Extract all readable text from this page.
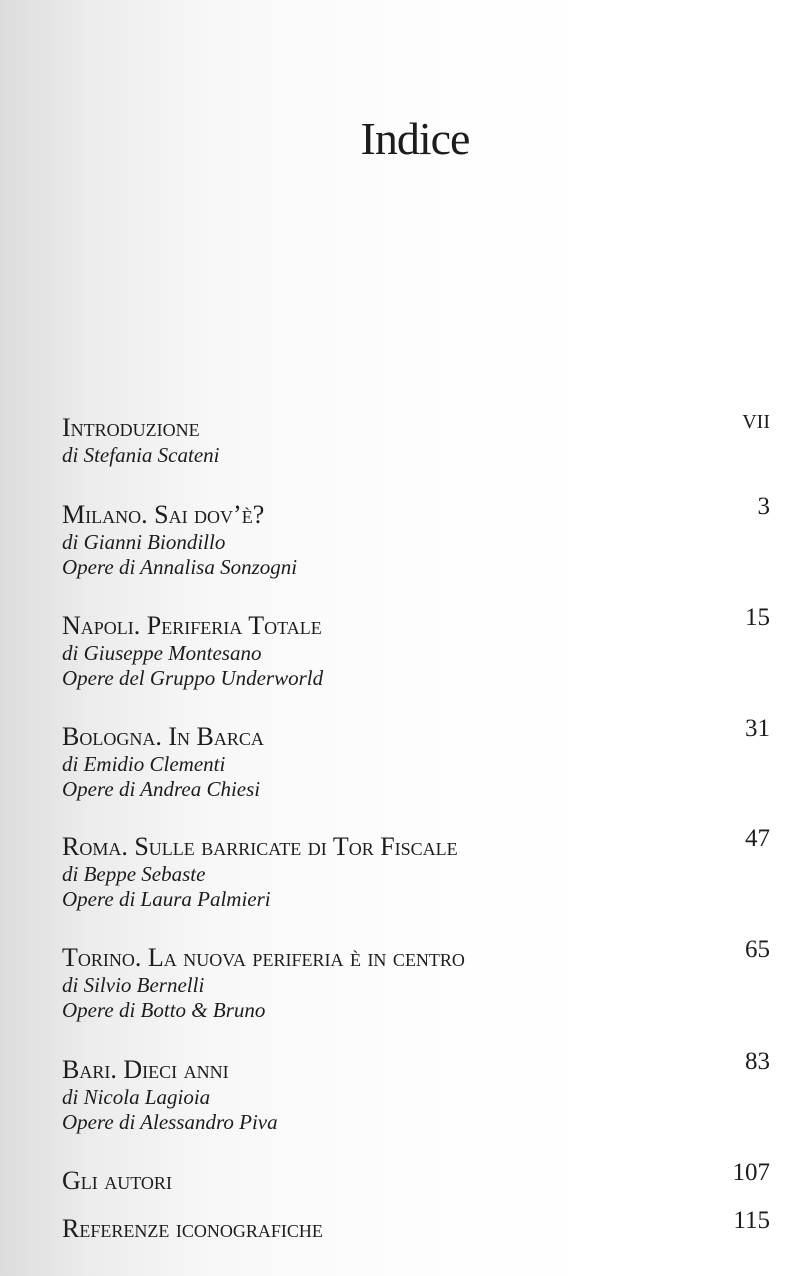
Indice
Introduzione	VII
di Stefania Scateni
Milano. Sai dov’è?	3
di Gianni Biondillo
Opere di Annalisa Sonzogni
Napoli. Periferia Totale	15
di Giuseppe Montesano
Opere del Gruppo Underworld
Bologna. In Barca	31
di Emidio Clementi
Opere di Andrea Chiesi
Roma. Sulle barricate di Tor Fiscale	47
di Beppe Sebaste
Opere di Laura Palmieri
Torino. La nuova periferia è in centro	65
di Silvio Bernelli
Opere di Botto & Bruno
Bari. Dieci anni	83
di Nicola Lagioia
Opere di Alessandro Piva
Gli autori	107
Referenze iconografiche	115
